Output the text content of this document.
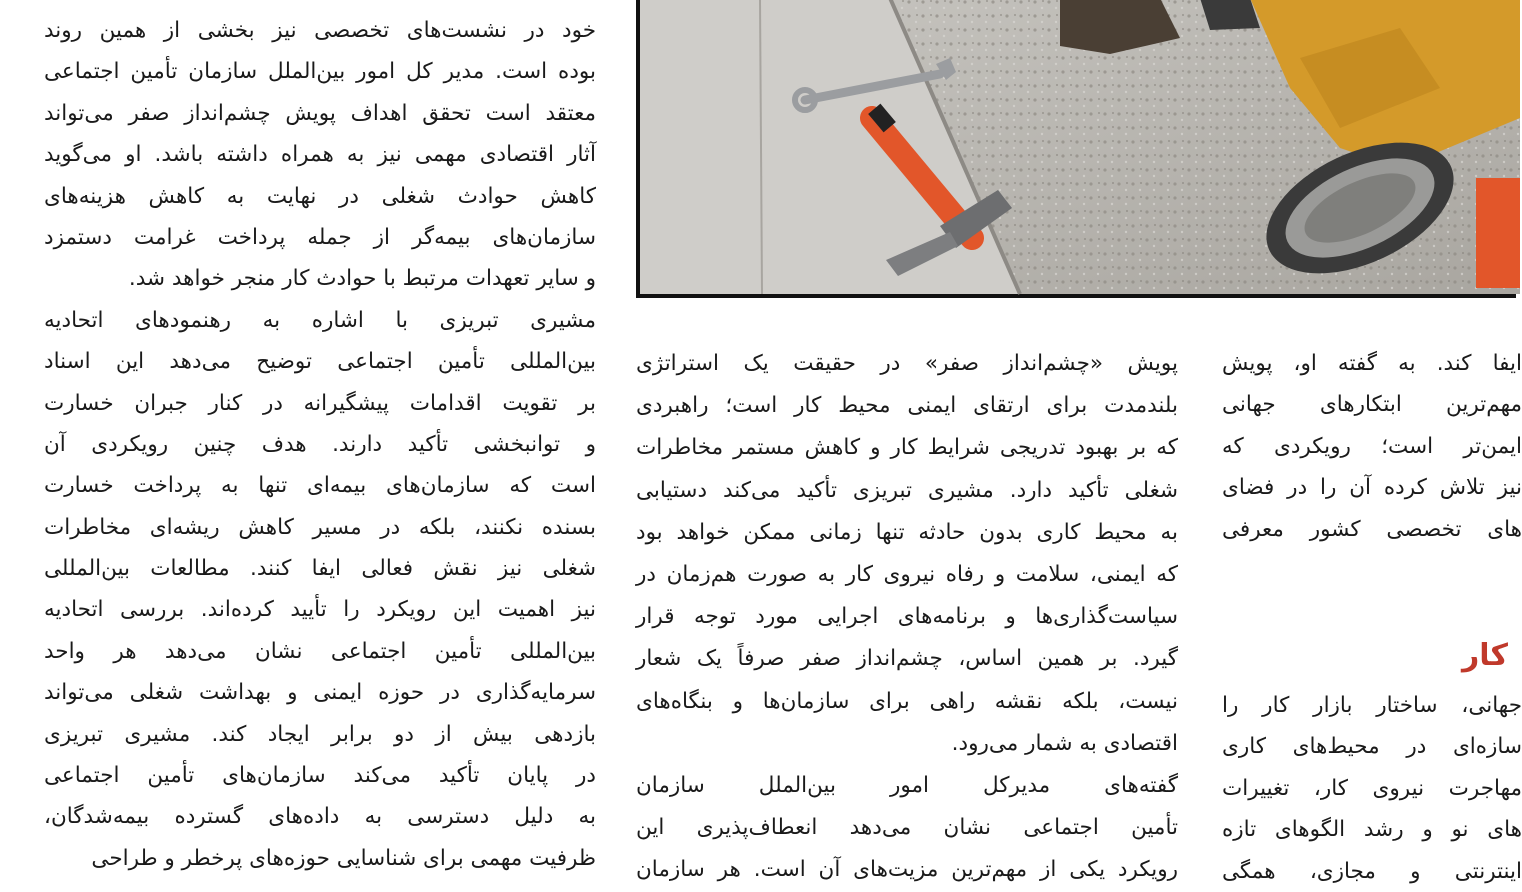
خود در نشست‌های تخصصی نیز بخشی از همین روند
بوده است. مدیر کل امور بین‌الملل سازمان تأمین اجتماعی
معتقد است تحقق اهداف پویش چشم‌انداز صفر می‌تواند
آثار اقتصادی مهمی نیز به همراه داشته باشد. او می‌گوید
کاهش حوادث شغلی در نهایت به کاهش هزینه‌های
سازمان‌های بیمه‌گر از جمله پرداخت غرامت دستمزد
و سایر تعهدات مرتبط با حوادث کار منجر خواهد شد.
مشیری تبریزی با اشاره به رهنمودهای اتحادیه
بین‌المللی تأمین اجتماعی توضیح می‌دهد این اسناد
بر تقویت اقدامات پیشگیرانه در کنار جبران خسارت
و توانبخشی تأکید دارند. هدف چنین رویکردی آن
است که سازمان‌های بیمه‌ای تنها به پرداخت خسارت
بسنده نکنند، بلکه در مسیر کاهش ریشه‌ای مخاطرات
شغلی نیز نقش فعالی ایفا کنند. مطالعات بین‌المللی
نیز اهمیت این رویکرد را تأیید کرده‌اند. بررسی اتحادیه
بین‌المللی تأمین اجتماعی نشان می‌دهد هر واحد
سرمایه‌گذاری در حوزه ایمنی و بهداشت شغلی می‌تواند
بازدهی بیش از دو برابر ایجاد کند. مشیری تبریزی
در پایان تأکید می‌کند سازمان‌های تأمین اجتماعی
به دلیل دسترسی به داده‌های گسترده بیمه‌شدگان،
ظرفیت مهمی برای شناسایی حوزه‌های پرخطر و طراحی
پویش «چشم‌انداز صفر» در حقیقت یک استراتژی
بلندمدت برای ارتقای ایمنی محیط کار است؛ راهبردی
که بر بهبود تدریجی شرایط کار و کاهش مستمر مخاطرات
شغلی تأکید دارد. مشیری تبریزی تأکید می‌کند دستیابی
به محیط کاری بدون حادثه تنها زمانی ممکن خواهد بود
که ایمنی، سلامت و رفاه نیروی کار به صورت هم‌زمان در
سیاست‌گذاری‌ها و برنامه‌های اجرایی مورد توجه قرار
گیرد. بر همین اساس، چشم‌انداز صفر صرفاً یک شعار
نیست، بلکه نقشه راهی برای سازمان‌ها و بنگاه‌های
اقتصادی به شمار می‌رود.
گفته‌های مدیرکل امور بین‌الملل سازمان
تأمین اجتماعی نشان می‌دهد انعطاف‌پذیری این
رویکرد یکی از مهم‌ترین مزیت‌های آن است. هر سازمان
ایفا کند. به گفته او، پویش
مهم‌ترین ابتکارهای جهانی
ایمن‌تر است؛ رویکردی که
نیز تلاش کرده آن را در فضای
های تخصصی کشور معرفی
کار
جهانی، ساختار بازار کار را
سازه‌ای در محیط‌های کاری
مهاجرت نیروی کار، تغییرات
های نو و رشد الگوهای تازه
اینترنتی و مجازی، همگی
